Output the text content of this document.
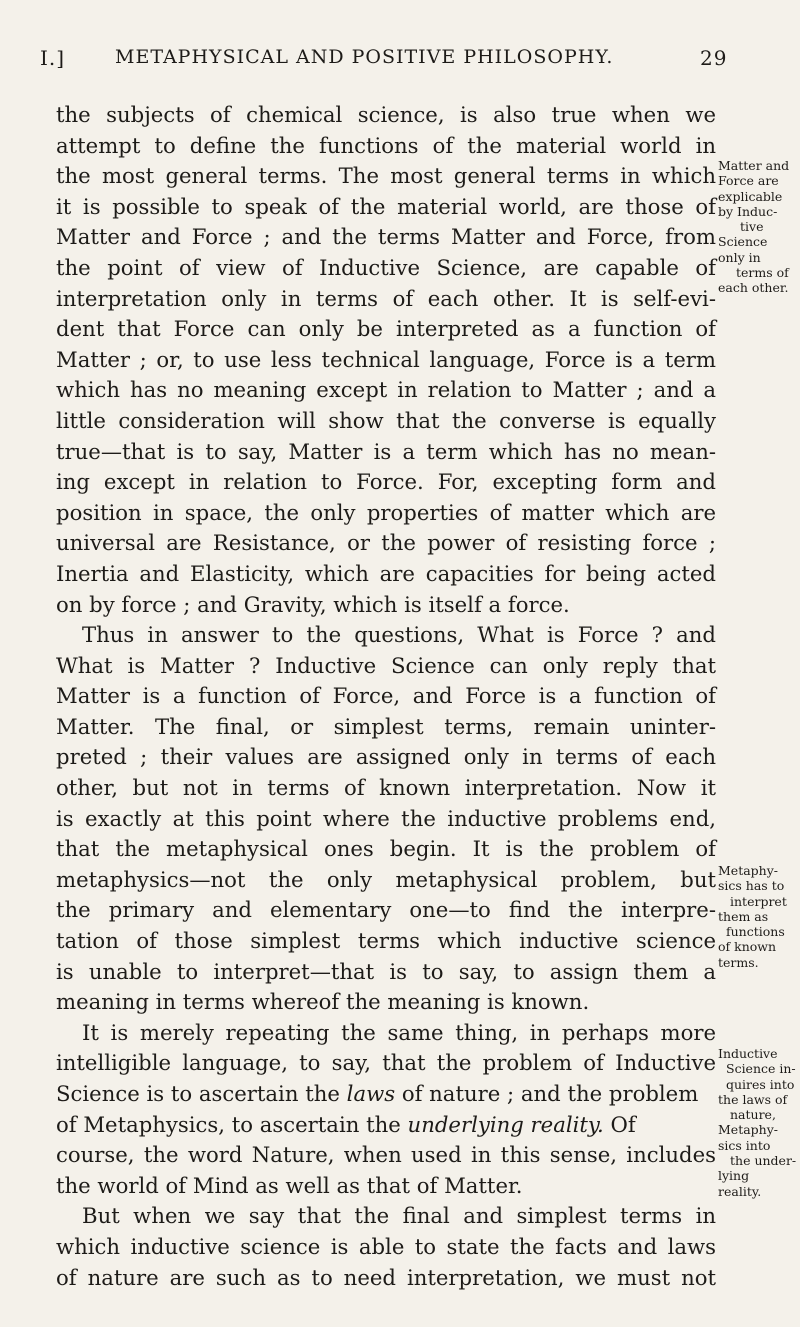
I.]	METAPHYSICAL AND POSITIVE PHILOSOPHY.	29
the subjects of chemical science, is also true when we
attempt to define the functions of the material world in
the most general terms. The most general terms in which
it is possible to speak of the material world, are those of
Matter and Force ; and the terms Matter and Force, from
the point of view of Inductive Science, are capable of
interpretation only in terms of each other. It is self-evi-
dent that Force can only be interpreted as a function of
Matter ; or, to use less technical language, Force is a term
which has no meaning except in relation to Matter ; and a
little consideration will show that the converse is equally
true—that is to say, Matter is a term which has no mean-
ing except in relation to Force. For, excepting form and
position in space, the only properties of matter which are
universal are Resistance, or the power of resisting force ;
Inertia and Elasticity, which are capacities for being acted
on by force ; and Gravity, which is itself a force.
Thus in answer to the questions, What is Force ? and
What is Matter ? Inductive Science can only reply that
Matter is a function of Force, and Force is a function of
Matter. The final, or simplest terms, remain uninter-
preted ; their values are assigned only in terms of each
other, but not in terms of known interpretation. Now it
is exactly at this point where the inductive problems end,
that the metaphysical ones begin. It is the problem of
metaphysics—not the only metaphysical problem, but
the primary and elementary one—to find the interpre-
tation of those simplest terms which inductive science
is unable to interpret—that is to say, to assign them a
meaning in terms whereof the meaning is known.
It is merely repeating the same thing, in perhaps more
intelligible language, to say, that the problem of Inductive
Science is to ascertain the laws of nature ; and the problem
of Metaphysics, to ascertain the underlying reality. Of
course, the word Nature, when used in this sense, includes
the world of Mind as well as that of Matter.
But when we say that the final and simplest terms in
which inductive science is able to state the facts and laws
of nature are such as to need interpretation, we must not
Matter and
Force are
explicable
by Induc-
tive
Science
only in
terms of
each other.
Metaphy-
sics has to
interpret
them as
functions
of known
terms.
Inductive
Science in-
quires into
the laws of
nature,
Metaphy-
sics into
the under-
lying
reality.
